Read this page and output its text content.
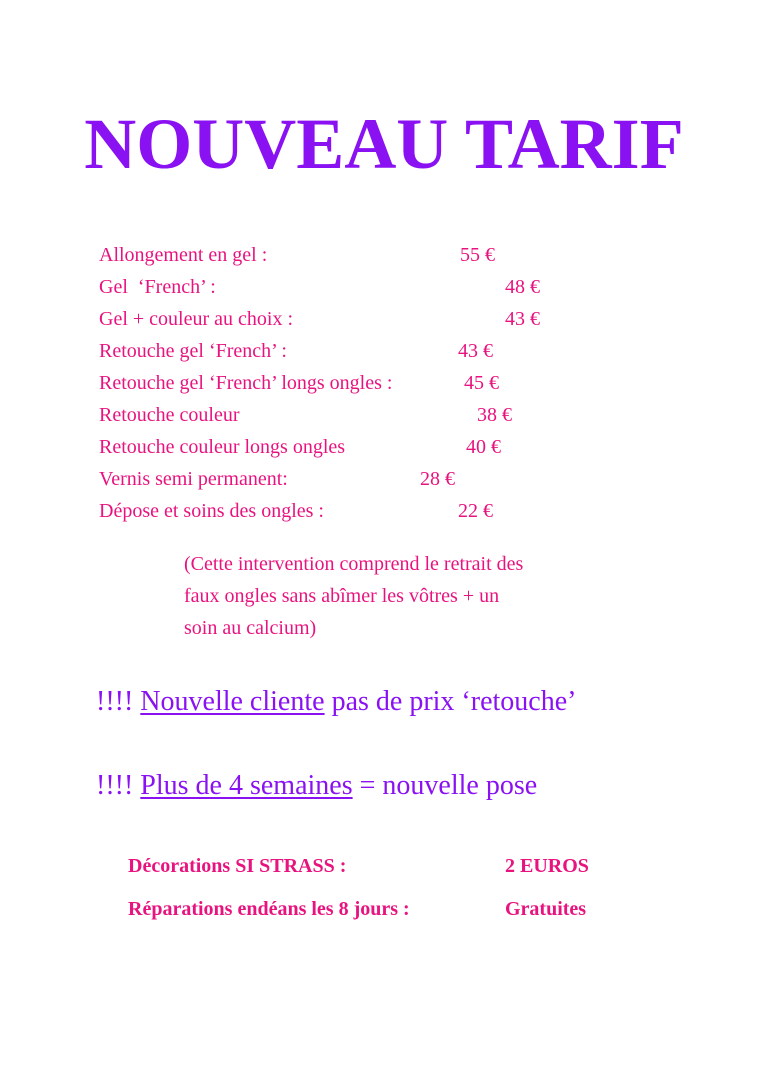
NOUVEAU TARIF
Allongement en gel :	55 €
Gel  ‘French’ :	48 €
Gel + couleur au choix :	43 €
Retouche gel ‘French’ :	43 €
Retouche gel ‘French’ longs ongles :	45 €
Retouche couleur	38 €
Retouche couleur longs ongles	40 €
Vernis semi permanent:	28 €
Dépose et soins des ongles :	22 €
(Cette intervention comprend le retrait des
faux ongles sans abîmer les vôtres + un
soin au calcium)
!!!! Nouvelle cliente pas de prix ‘retouche’
!!!! Plus de 4 semaines = nouvelle pose
Décorations SI STRASS :	2 EUROS
Réparations endéans les 8 jours :	Gratuites
